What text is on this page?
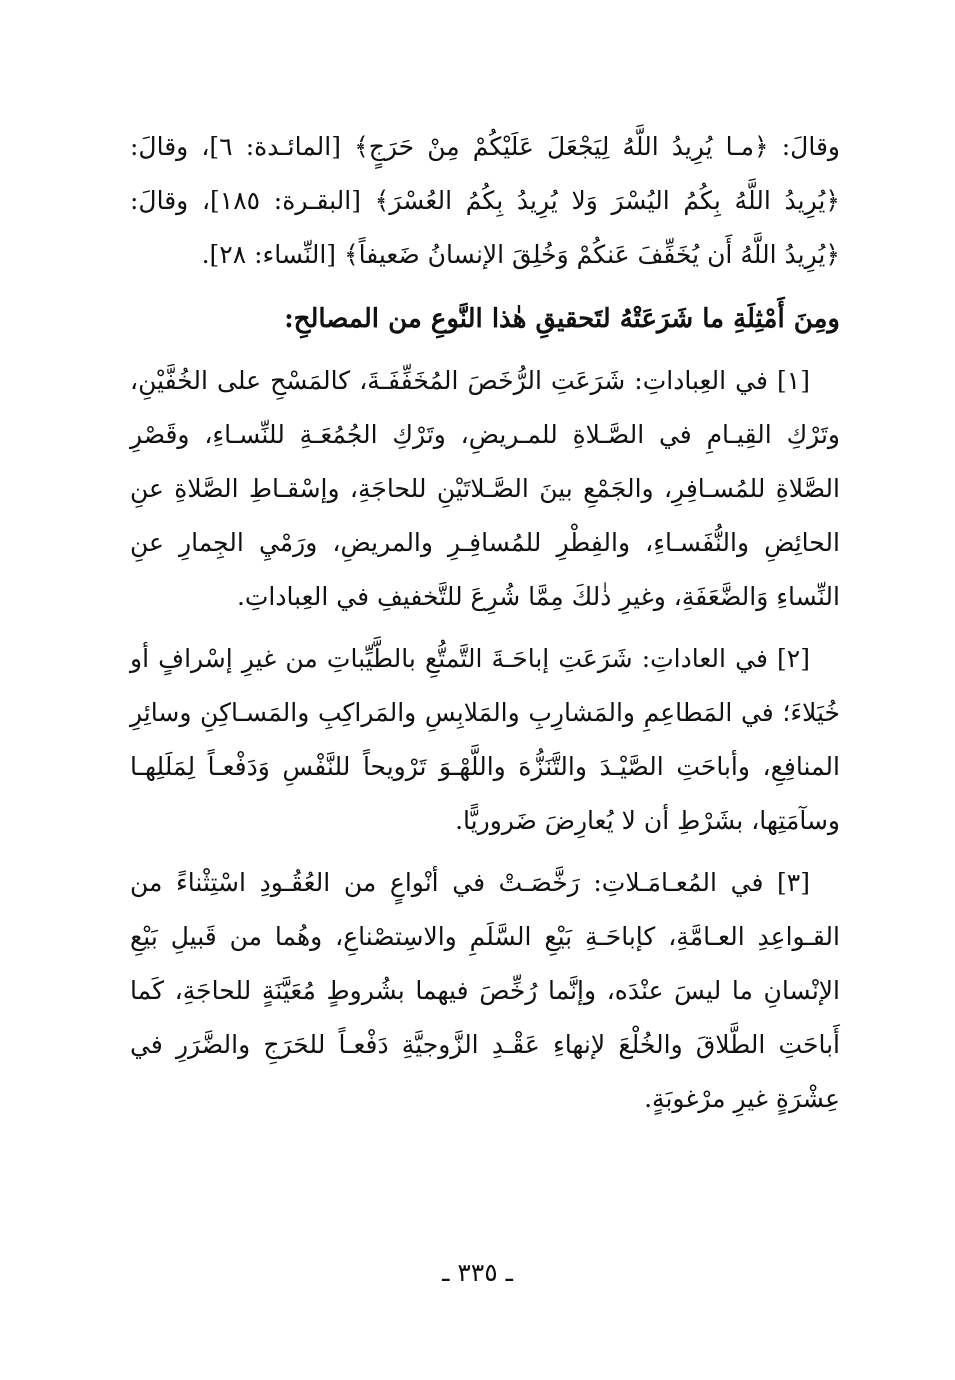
وقالَ: ﴿مـا يُرِيدُ اللَّهُ لِيَجْعَلَ عَلَيْكُمْ مِنْ حَرَجٍ﴾ [المائـدة: ٦]، وقالَ: ﴿يُرِيدُ اللَّهُ بِكُمُ اليُسْرَ وَلا يُرِيدُ بِكُمُ العُسْرَ﴾ [البقـرة: ١٨٥]، وقالَ: ﴿يُرِيدُ اللَّهُ أَن يُخَفِّفَ عَنكُمْ وَخُلِقَ الإنسانُ ضَعيفاً﴾ [النِّساء: ٢٨].

ومِنَ أَمْثِلَةِ ما شَرَعَتْهُ لتَحقيقِ هٰذا النَّوعِ من المصالحِ:

[١] في العِباداتِ: شَرَعَتِ الرُّخَصَ المُخَفِّفَـةَ، كالمَسْحِ على الخُفَّيْنِ، وتَرْكِ القِيـامِ في الصَّـلاةِ للمـريضِ، وتَرْكِ الجُمُعَـةِ للنِّسـاءِ، وقَصْرِ الصَّلاةِ للمُسـافِرِ، والجَمْعِ بينَ الصَّـلاتَيْنِ للحاجَةِ، وإسْقـاطِ الصَّلاةِ عنِ الحائِضِ والنُّفَسـاءِ، والفِطْرِ للمُسافِـرِ والمريضِ، ورَمْيِ الجِمارِ عنِ النِّساءِ وَالضَّعَفَةِ، وغيرِ ذٰلكَ مِمَّا شُرِعَ للتَّخفيفِ في العِباداتِ.

[٢] في العاداتِ: شَرَعَتِ إباحَـةَ التَّمتُّعِ بالطَّيِّباتِ من غيرِ إسْرافٍ أو خُيَلاءَ؛ في المَطاعِمِ والمَشارِبِ والمَلابِسِ والمَراكِبِ والمَسـاكِنِ وسائِرِ المنافِعِ، وأباحَتِ الصَّيْـدَ والتَّنَزُّهَ واللَّهْـوَ تَرْويحاً للنَّفْسِ وَدَفْعـاً لِمَلَلِهـا وسآمَتِها، بشَرْطِ أن لا يُعارِضَ ضَروريًّا.

[٣] في المُعـامَـلاتِ: رَخَّصَـتْ في أنْواعٍ من العُقُـودِ اسْتِثْناءً من القـواعِدِ العـامَّةِ، كإباحَـةِ بَيْعِ السَّلَمِ والاسِتصْناعِ، وهُما من قَبيلِ بَيْعِ الإنْسانِ ما ليسَ عنْدَه، وإنَّما رُخِّصَ فيهما بشُروطٍ مُعَيَّنَةٍ للحاجَةِ، كَما أَباحَتِ الطَّلاقَ والخُلْعَ لإنهاءِ عَقْـدِ الزَّوجيَّةِ دَفْعـاً للحَرَجِ والضَّرَرِ في عِشْرَةٍ غيرِ مرْغوبَةٍ.

ـ ٣٣٥ ـ
